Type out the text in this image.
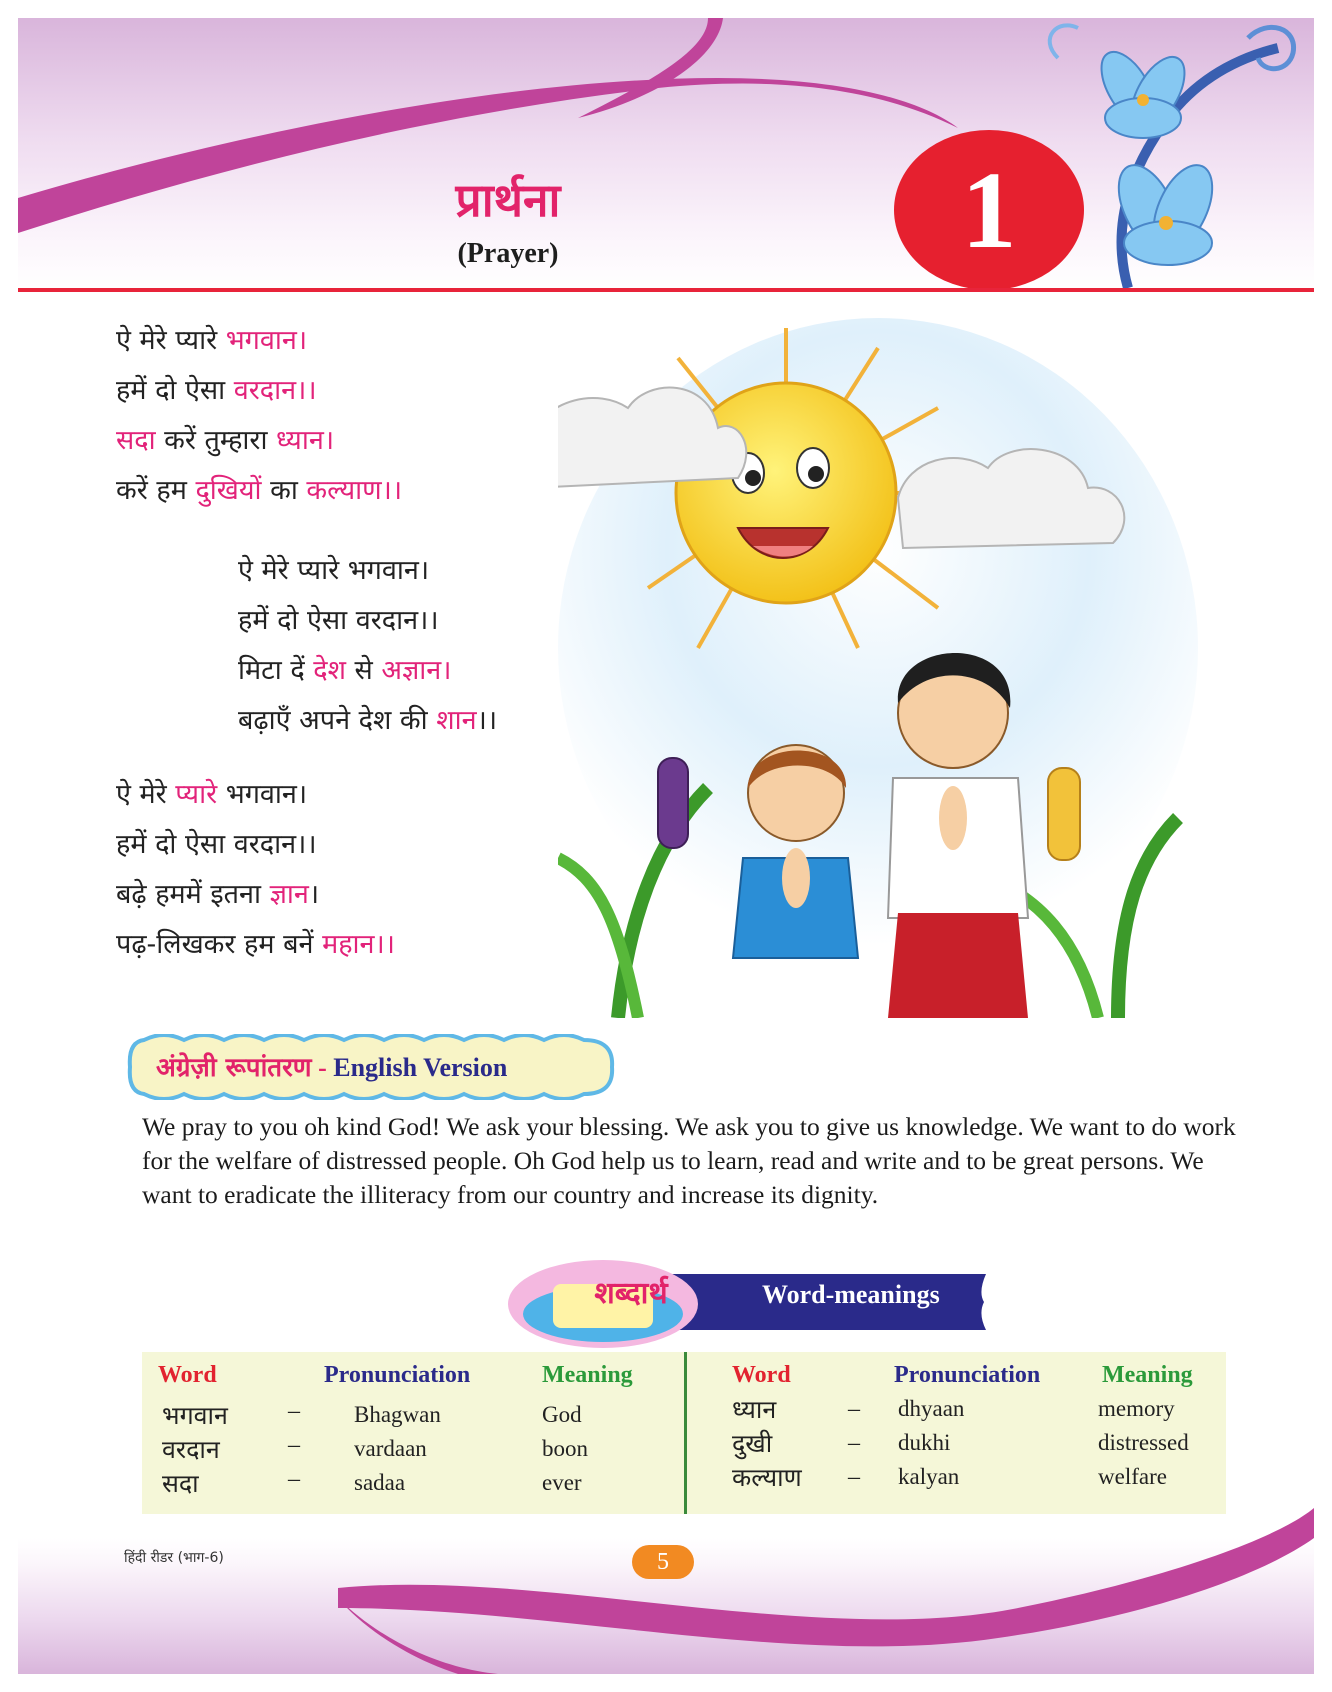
प्रार्थना
(Prayer)	1
ऐ मेरे प्यारे भगवान।
हमें दो ऐसा वरदान।।
सदा करें तुम्हारा ध्यान।
करें हम दुखियों का कल्याण।।
ऐ मेरे प्यारे भगवान।
हमें दो ऐसा वरदान।।
मिटा दें देश से अज्ञान।
बढ़ाएँ अपने देश की शान।।
ऐ मेरे प्यारे भगवान।
हमें दो ऐसा वरदान।।
बढ़े हममें इतना ज्ञान।
पढ़-लिखकर हम बनें महान।।
अंग्रेज़ी रूपांतरण - English Version

We pray to you oh kind God! We ask your blessing. We ask you to give us knowledge. We want to do work for the welfare of distressed people. Oh God help us to learn, read and write and to be great persons. We want to eradicate the illiteracy from our country and increase its dignity.

शब्दार्थ	Word-meanings
Word	Pronunciation	Meaning
भगवान	– Bhagwan	God
वरदान	– vardaan	boon
सदा	– sadaa	ever
Word	Pronunciation	Meaning
ध्यान	– dhyaan	memory
दुखी	– dukhi	distressed
कल्याण – kalyan	welfare
हिंदी रीडर (भाग-6)	5
